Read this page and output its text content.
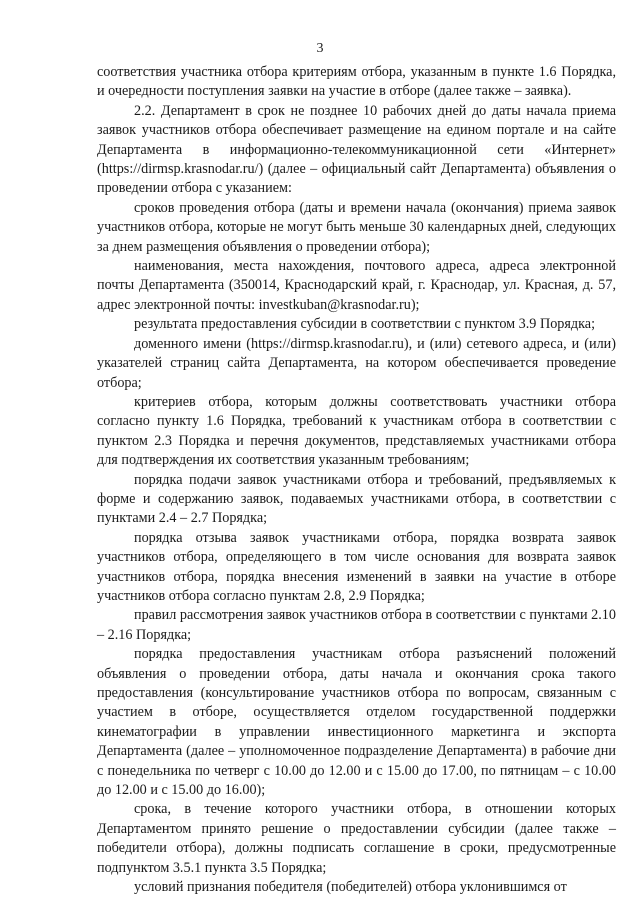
3

соответствия участника отбора критериям отбора, указанным в пункте 1.6 Порядка, и очередности поступления заявки на участие в отборе (далее также – заявка).

2.2. Департамент в срок не позднее 10 рабочих дней до даты начала приема заявок участников отбора обеспечивает размещение на едином портале и на сайте Департамента в информационно-телекоммуникационной сети «Интернет» (https://dirmsp.krasnodar.ru/) (далее – официальный сайт Департамента) объявления о проведении отбора с указанием:

сроков проведения отбора (даты и времени начала (окончания) приема заявок участников отбора, которые не могут быть меньше 30 календарных дней, следующих за днем размещения объявления о проведении отбора);

наименования, места нахождения, почтового адреса, адреса электронной почты Департамента (350014, Краснодарский край, г. Краснодар, ул. Красная, д. 57, адрес электронной почты: investkuban@krasnodar.ru);

результата предоставления субсидии в соответствии с пунктом 3.9 Порядка;

доменного имени (https://dirmsp.krasnodar.ru), и (или) сетевого адреса, и (или) указателей страниц сайта Департамента, на котором обеспечивается проведение отбора;

критериев отбора, которым должны соответствовать участники отбора согласно пункту 1.6 Порядка, требований к участникам отбора в соответствии с пунктом 2.3 Порядка и перечня документов, представляемых участниками отбора для подтверждения их соответствия указанным требованиям;

порядка подачи заявок участниками отбора и требований, предъявляемых к форме и содержанию заявок, подаваемых участниками отбора, в соответствии с пунктами 2.4 – 2.7 Порядка;

порядка отзыва заявок участниками отбора, порядка возврата заявок участников отбора, определяющего в том числе основания для возврата заявок участников отбора, порядка внесения изменений в заявки на участие в отборе участников отбора согласно пунктам 2.8, 2.9 Порядка;

правил рассмотрения заявок участников отбора в соответствии с пунктами 2.10 – 2.16 Порядка;

порядка предоставления участникам отбора разъяснений положений объявления о проведении отбора, даты начала и окончания срока такого предоставления (консультирование участников отбора по вопросам, связанным с участием в отборе, осуществляется отделом государственной поддержки кинематографии в управлении инвестиционного маркетинга и экспорта Департамента (далее – уполномоченное подразделение Департамента) в рабочие дни с понедельника по четверг с 10.00 до 12.00 и с 15.00 до 17.00, по пятницам – с 10.00 до 12.00 и с 15.00 до 16.00);

срока, в течение которого участники отбора, в отношении которых Департаментом принято решение о предоставлении субсидии (далее также – победители отбора), должны подписать соглашение в сроки, предусмотренные подпунктом 3.5.1 пункта 3.5 Порядка;

условий признания победителя (победителей) отбора уклонившимся от
